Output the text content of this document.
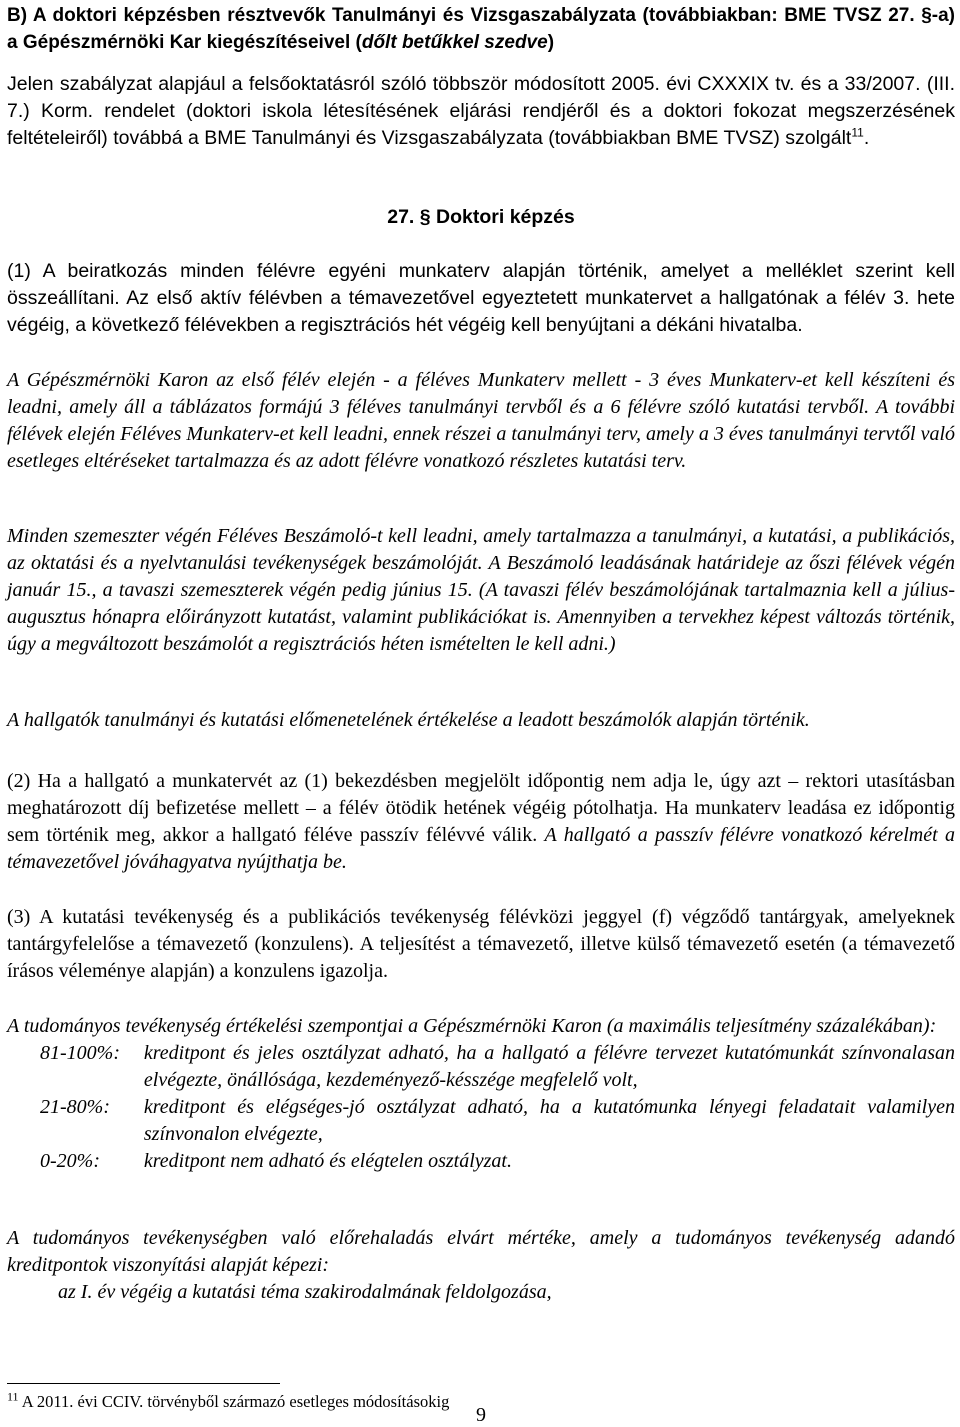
B) A doktori képzésben résztvevők Tanulmányi és Vizsgaszabályzata (továbbiakban: BME TVSZ 27. §-a) a Gépészmérnöki Kar kiegészítéseivel (dőlt betűkkel szedve)

Jelen szabályzat alapjául a felsőoktatásról szóló többször módosított 2005. évi CXXXIX tv. és a 33/2007. (III. 7.) Korm. rendelet (doktori iskola létesítésének eljárási rendjéről és a doktori fokozat megszerzésének feltételeiről) továbbá a BME Tanulmányi és Vizsgaszabályzata (továbbiakban BME TVSZ) szolgált$^{11}$.

27. § Doktori képzés

(1) A beiratkozás minden félévre egyéni munkaterv alapján történik, amelyet a melléklet szerint kell összeállítani. Az első aktív félévben a témavezetővel egyeztetett munkatervet a hallgatónak a félév 3. hete végéig, a következő félévekben a regisztrációs hét végéig kell benyújtani a dékáni hivatalba.

A Gépészmérnöki Karon az első félév elején - a féléves Munkaterv mellett - 3 éves Munkaterv-et kell készíteni és leadni, amely áll a táblázatos formájú 3 féléves tanulmányi tervből és a 6 félévre szóló kutatási tervből. A további félévek elején Féléves Munkaterv-et kell leadni, ennek részei a tanulmányi terv, amely a 3 éves tanulmányi tervtől való esetleges eltéréseket tartalmazza és az adott félévre vonatkozó részletes kutatási terv.

Minden szemeszter végén Féléves Beszámoló-t kell leadni, amely tartalmazza a tanulmányi, a kutatási, a publikációs, az oktatási és a nyelvtanulási tevékenységek beszámolóját. A Beszámoló leadásának határideje az őszi félévek végén január 15., a tavaszi szemeszterek végén pedig június 15. (A tavaszi félév beszámolójának tartalmaznia kell a július-augusztus hónapra előirányzott kutatást, valamint publikációkat is. Amennyiben a tervekhez képest változás történik, úgy a megváltozott beszámolót a regisztrációs héten ismételten le kell adni.)

A hallgatók tanulmányi és kutatási előmenetelének értékelése a leadott beszámolók alapján történik.

(2) Ha a hallgató a munkatervét az (1) bekezdésben megjelölt időpontig nem adja le, úgy azt – rektori utasításban meghatározott díj befizetése mellett – a félév ötödik hetének végéig pótolhatja. Ha munkaterv leadása ez időpontig sem történik meg, akkor a hallgató féléve passzív félévvé válik. A hallgató a passzív félévre vonatkozó kérelmét a témavezetővel jóváhagyatva nyújthatja be.

(3) A kutatási tevékenység és a publikációs tevékenység félévközi jeggyel (f) végződő tantárgyak, amelyeknek tantárgyfelelőse a témavezető (konzulens). A teljesítést a témavezető, illetve külső témavezető esetén (a témavezető írásos véleménye alapján) a konzulens igazolja.

A tudományos tevékenység értékelési szempontjai a Gépészmérnöki Karon (a maximális teljesítmény százalékában):
81-100%:	kreditpont és jeles osztályzat adható, ha a hallgató a félévre tervezet kutatómunkát színvonalasan elvégezte, önállósága, kezdeményező-késszége megfelelő volt,
21-80%:	kreditpont és elégséges-jó osztályzat adható, ha a kutatómunka lényegi feladatait valamilyen színvonalon elvégezte,
0-20%:	kreditpont nem adható és elégtelen osztályzat.
A tudományos tevékenységben való előrehaladás elvárt mértéke, amely a tudományos tevékenység adandó kreditpontok viszonyítási alapját képezi:
az I. év végéig a kutatási téma szakirodalmának feldolgozása,
$^{11}$ A 2011. évi CCIV. törvényből származó esetleges módosításokig
9
